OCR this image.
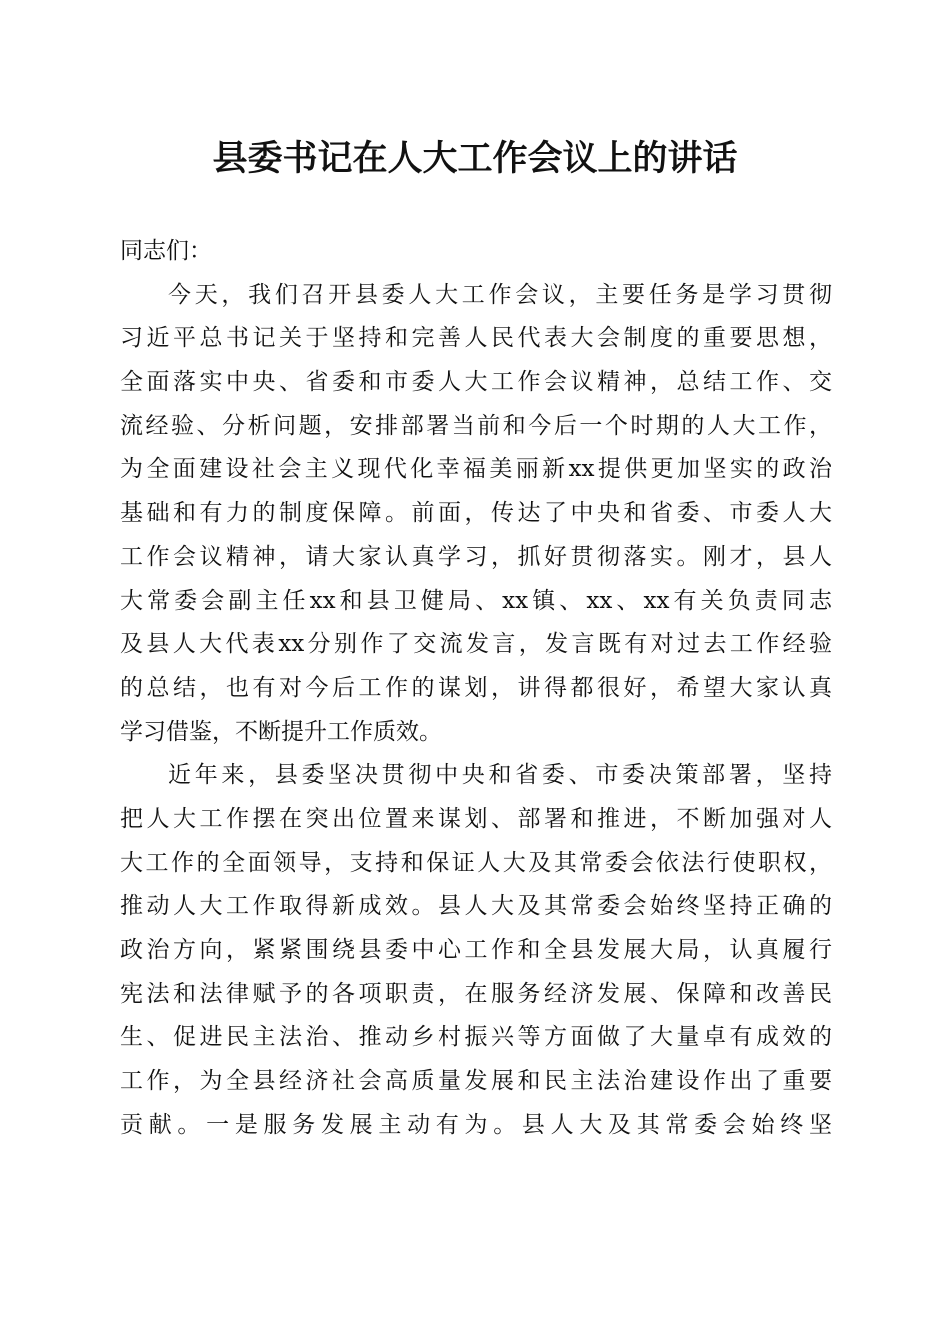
县委书记在人大工作会议上的讲话
同志们：
今天，我们召开县委人大工作会议，主要任务是学习贯彻
习近平总书记关于坚持和完善人民代表大会制度的重要思想，
全面落实中央、省委和市委人大工作会议精神，总结工作、交
流经验、分析问题，安排部署当前和今后一个时期的人大工作，
为全面建设社会主义现代化幸福美丽新xx提供更加坚实的政治
基础和有力的制度保障。前面，传达了中央和省委、市委人大
工作会议精神，请大家认真学习，抓好贯彻落实。刚才，县人
大常委会副主任xx和县卫健局、xx镇、xx、xx有关负责同志
及县人大代表xx分别作了交流发言，发言既有对过去工作经验
的总结，也有对今后工作的谋划，讲得都很好，希望大家认真
学习借鉴，不断提升工作质效。
近年来，县委坚决贯彻中央和省委、市委决策部署，坚持
把人大工作摆在突出位置来谋划、部署和推进，不断加强对人
大工作的全面领导，支持和保证人大及其常委会依法行使职权，
推动人大工作取得新成效。县人大及其常委会始终坚持正确的
政治方向，紧紧围绕县委中心工作和全县发展大局，认真履行
宪法和法律赋予的各项职责，在服务经济发展、保障和改善民
生、促进民主法治、推动乡村振兴等方面做了大量卓有成效的
工作，为全县经济社会高质量发展和民主法治建设作出了重要
贡献。一是服务发展主动有为。县人大及其常委会始终坚
